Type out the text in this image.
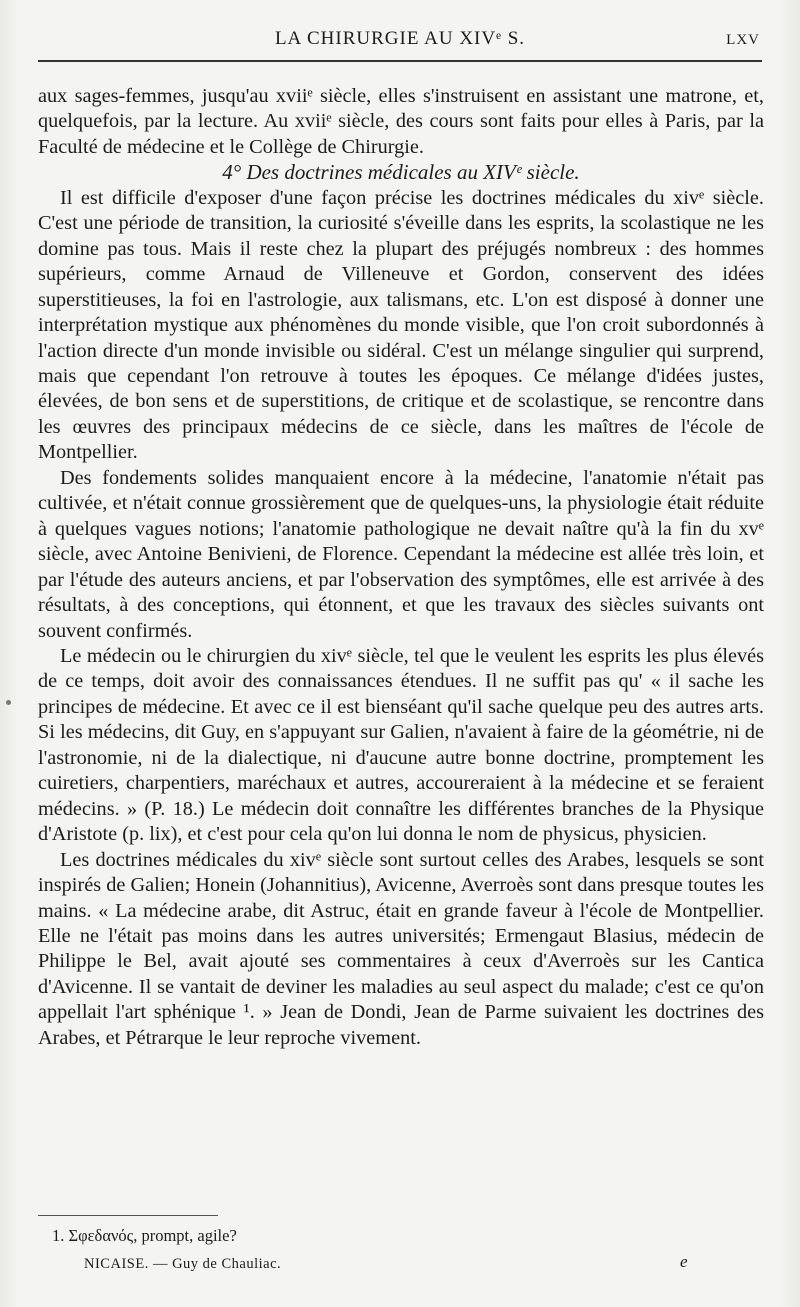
LA CHIRURGIE AU XIVᵉ S.	LXV

aux sages-femmes, jusqu'au xviiᵉ siècle, elles s'instruisent en assistant une matrone, et, quelquefois, par la lecture. Au xviiᵉ siècle, des cours sont faits pour elles à Paris, par la Faculté de médecine et le Collège de Chirurgie.

4° Des doctrines médicales au XIVᵉ siècle.

Il est difficile d'exposer d'une façon précise les doctrines médicales du xivᵉ siècle. C'est une période de transition, la curiosité s'éveille dans les esprits, la scolastique ne les domine pas tous. Mais il reste chez la plupart des préjugés nombreux : des hommes supérieurs, comme Arnaud de Villeneuve et Gordon, conservent des idées superstitieuses, la foi en l'astrologie, aux talismans, etc. L'on est disposé à donner une interprétation mystique aux phénomènes du monde visible, que l'on croit subordonnés à l'action directe d'un monde invisible ou sidéral. C'est un mélange singulier qui surprend, mais que cependant l'on retrouve à toutes les époques. Ce mélange d'idées justes, élevées, de bon sens et de superstitions, de critique et de scolastique, se rencontre dans les œuvres des principaux médecins de ce siècle, dans les maîtres de l'école de Montpellier.

Des fondements solides manquaient encore à la médecine, l'anatomie n'était pas cultivée, et n'était connue grossièrement que de quelques-uns, la physiologie était réduite à quelques vagues notions; l'anatomie pathologique ne devait naître qu'à la fin du xvᵉ siècle, avec Antoine Benivieni, de Florence. Cependant la médecine est allée très loin, et par l'étude des auteurs anciens, et par l'observation des symptômes, elle est arrivée à des résultats, à des conceptions, qui étonnent, et que les travaux des siècles suivants ont souvent confirmés.

Le médecin ou le chirurgien du xivᵉ siècle, tel que le veulent les esprits les plus élevés de ce temps, doit avoir des connaissances étendues. Il ne suffit pas qu' « il sache les principes de médecine. Et avec ce il est bienséant qu'il sache quelque peu des autres arts. Si les médecins, dit Guy, en s'appuyant sur Galien, n'avaient à faire de la géométrie, ni de l'astronomie, ni de la dialectique, ni d'aucune autre bonne doctrine, promptement les cuiretiers, charpentiers, maréchaux et autres, accoureraient à la médecine et se feraient médecins. » (P. 18.) Le médecin doit connaître les différentes branches de la Physique d'Aristote (p. lix), et c'est pour cela qu'on lui donna le nom de physicus, physicien.

Les doctrines médicales du xivᵉ siècle sont surtout celles des Arabes, lesquels se sont inspirés de Galien; Honein (Johannitius), Avicenne, Averroès sont dans presque toutes les mains. « La médecine arabe, dit Astruc, était en grande faveur à l'école de Montpellier. Elle ne l'était pas moins dans les autres universités; Ermengaut Blasius, médecin de Philippe le Bel, avait ajouté ses commentaires à ceux d'Averroès sur les Cantica d'Avicenne. Il se vantait de deviner les maladies au seul aspect du malade; c'est ce qu'on appellait l'art sphénique ¹. » Jean de Dondi, Jean de Parme suivaient les doctrines des Arabes, et Pétrarque le leur reproche vivement.

1. Σφεδανός, prompt, agile?
NICAISE. — Guy de Chauliac.	e
